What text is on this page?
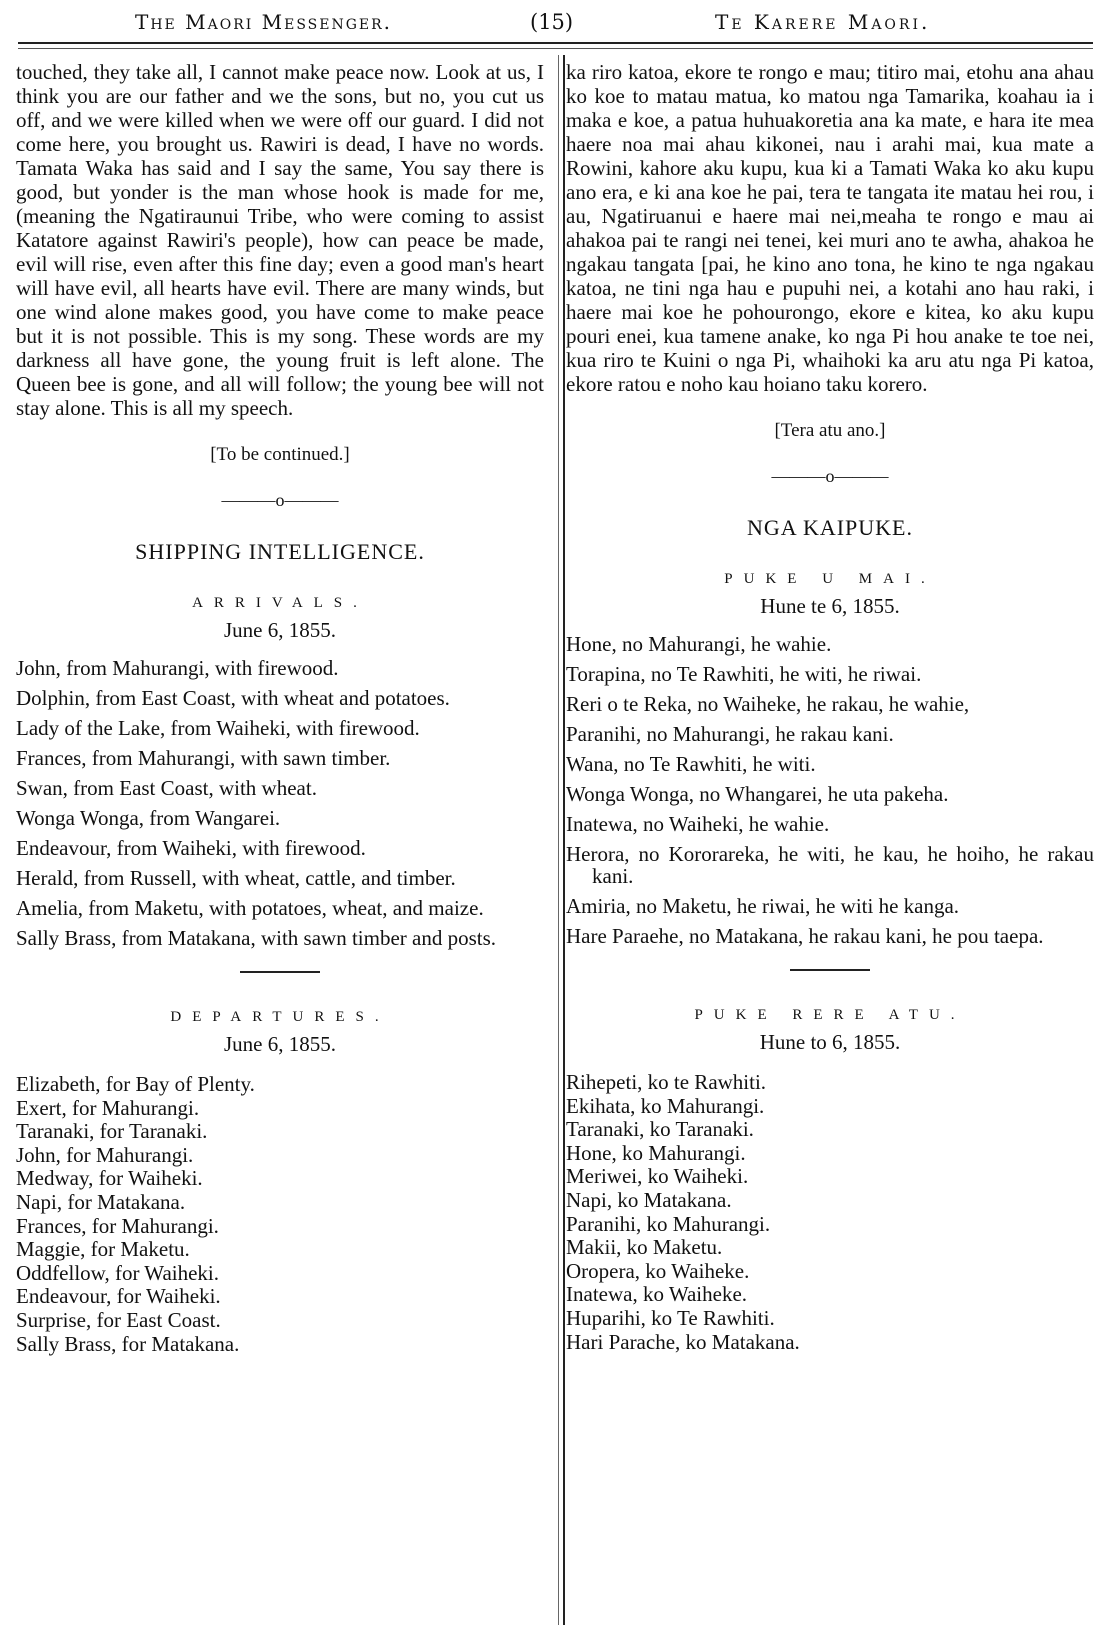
The Maori Messenger.	(15)	Te Karere Maori.

touched, they take all, I cannot make peace now. Look at us, I think you are our father and we the sons, but no, you cut us off, and we were killed when we were off our guard. I did not come here, you brought us. Rawiri is dead, I have no words. Tamata Waka has said and I say the same, You say there is good, but yonder is the man whose hook is made for me, (meaning the Ngatiraunui Tribe, who were coming to assist Katatore against Rawiri's people), how can peace be made, evil will rise, even after this fine day; even a good man's heart will have evil, all hearts have evil. There are many winds, but one wind alone makes good, you have come to make peace but it is not possible. This is my song. These words are my darkness all have gone, the young fruit is left alone. The Queen bee is gone, and all will follow; the young bee will not stay alone. This is all my speech.

[To be continued.]

———o———

SHIPPING INTELLIGENCE.

ARRIVALS.

June 6, 1855.

John, from Mahurangi, with firewood.

Dolphin, from East Coast, with wheat and potatoes.

Lady of the Lake, from Waiheki, with firewood.

Frances, from Mahurangi, with sawn timber.

Swan, from East Coast, with wheat.

Wonga Wonga, from Wangarei.

Endeavour, from Waiheki, with firewood.

Herald, from Russell, with wheat, cattle, and timber.

Amelia, from Maketu, with potatoes, wheat, and maize.

Sally Brass, from Matakana, with sawn timber and posts.

DEPARTURES.

June 6, 1855.

Elizabeth, for Bay of Plenty.

Exert, for Mahurangi.

Taranaki, for Taranaki.

John, for Mahurangi.

Medway, for Waiheki.

Napi, for Matakana.

Frances, for Mahurangi.

Maggie, for Maketu.

Oddfellow, for Waiheki.

Endeavour, for Waiheki.

Surprise, for East Coast.

Sally Brass, for Matakana.

ka riro katoa, ekore te rongo e mau; titiro mai, etohu ana ahau ko koe to matau matua, ko matou nga Tamarika, koahau ia i maka e koe, a patua huhuakoretia ana ka mate, e hara ite mea haere noa mai ahau kikonei, nau i arahi mai, kua mate a Rowini, kahore aku kupu, kua ki a Tamati Waka ko aku kupu ano era, e ki ana koe he pai, tera te tangata ite matau hei rou, i au, Ngatiruanui e haere mai nei,meaha te rongo e mau ai ahakoa pai te rangi nei tenei, kei muri ano te awha, ahakoa he ngakau tangata [pai, he kino ano tona, he kino te nga ngakau katoa, ne tini nga hau e pupuhi nei, a kotahi ano hau raki, i haere mai koe he pohourongo, ekore e kitea, ko aku kupu pouri enei, kua tamene anake, ko nga Pi hou anake te toe nei, kua riro te Kuini o nga Pi, whaihoki ka aru atu nga Pi katoa, ekore ratou e noho kau hoiano taku korero.

[Tera atu ano.]

———o———

NGA KAIPUKE.

PUKE U MAI.

Hune te 6, 1855.

Hone, no Mahurangi, he wahie.

Torapina, no Te Rawhiti, he witi, he riwai.

Reri o te Reka, no Waiheke, he rakau, he wahie,

Paranihi, no Mahurangi, he rakau kani.

Wana, no Te Rawhiti, he witi.

Wonga Wonga, no Whangarei, he uta pakeha.

Inatewa, no Waiheki, he wahie.

Herora, no Kororareka, he witi, he kau, he hoiho, he rakau kani.

Amiria, no Maketu, he riwai, he witi he kanga.

Hare Paraehe, no Matakana, he rakau kani, he pou taepa.

PUKE RERE ATU.

Hune to 6, 1855.

Rihepeti, ko te Rawhiti.

Ekihata, ko Mahurangi.

Taranaki, ko Taranaki.

Hone, ko Mahurangi.

Meriwei, ko Waiheki.

Napi, ko Matakana.

Paranihi, ko Mahurangi.

Makii, ko Maketu.

Oropera, ko Waiheke.

Inatewa, ko Waiheke.

Huparihi, ko Te Rawhiti.

Hari Parache, ko Matakana.
